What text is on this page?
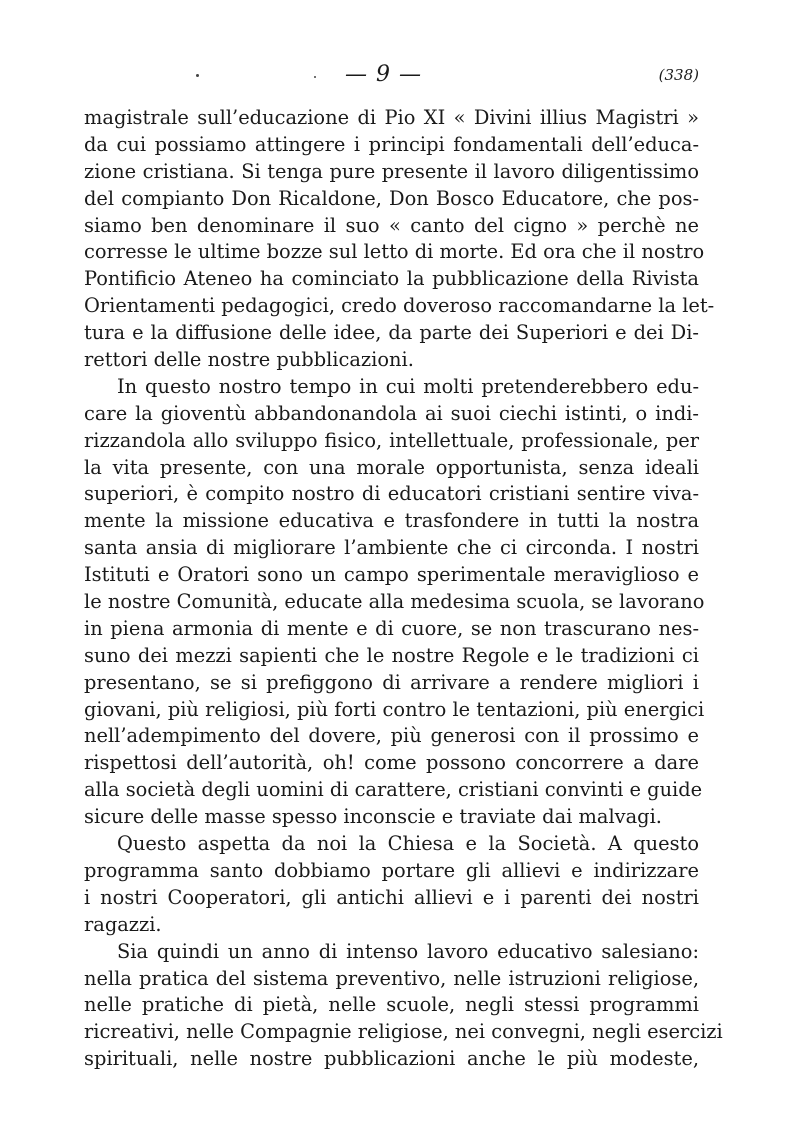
— 9 —	(338)
magistrale sull’educazione di Pio XI « Divini illius Magistri »
da cui possiamo attingere i principi fondamentali dell’educa-
zione cristiana. Si tenga pure presente il lavoro diligentissimo
del compianto Don Ricaldone, Don Bosco Educatore, che pos-
siamo ben denominare il suo « canto del cigno » perchè ne
corresse le ultime bozze sul letto di morte. Ed ora che il nostro
Pontificio Ateneo ha cominciato la pubblicazione della Rivista
Orientamenti pedagogici, credo doveroso raccomandarne la let-
tura e la diffusione delle idee, da parte dei Superiori e dei Di-
rettori delle nostre pubblicazioni.
In questo nostro tempo in cui molti pretenderebbero edu-
care la gioventù abbandonandola ai suoi ciechi istinti, o indi-
rizzandola allo sviluppo fisico, intellettuale, professionale, per
la vita presente, con una morale opportunista, senza ideali
superiori, è compito nostro di educatori cristiani sentire viva-
mente la missione educativa e trasfondere in tutti la nostra
santa ansia di migliorare l’ambiente che ci circonda. I nostri
Istituti e Oratori sono un campo sperimentale meraviglioso e
le nostre Comunità, educate alla medesima scuola, se lavorano
in piena armonia di mente e di cuore, se non trascurano nes-
suno dei mezzi sapienti che le nostre Regole e le tradizioni ci
presentano, se si prefiggono di arrivare a rendere migliori i
giovani, più religiosi, più forti contro le tentazioni, più energici
nell’adempimento del dovere, più generosi con il prossimo e
rispettosi dell’autorità, oh! come possono concorrere a dare
alla società degli uomini di carattere, cristiani convinti e guide
sicure delle masse spesso inconscie e traviate dai malvagi.
Questo aspetta da noi la Chiesa e la Società. A questo
programma santo dobbiamo portare gli allievi e indirizzare
i nostri Cooperatori, gli antichi allievi e i parenti dei nostri
ragazzi.
Sia quindi un anno di intenso lavoro educativo salesiano:
nella pratica del sistema preventivo, nelle istruzioni religiose,
nelle pratiche di pietà, nelle scuole, negli stessi programmi
ricreativi, nelle Compagnie religiose, nei convegni, negli esercizi
spirituali, nelle nostre pubblicazioni anche le più modeste,
